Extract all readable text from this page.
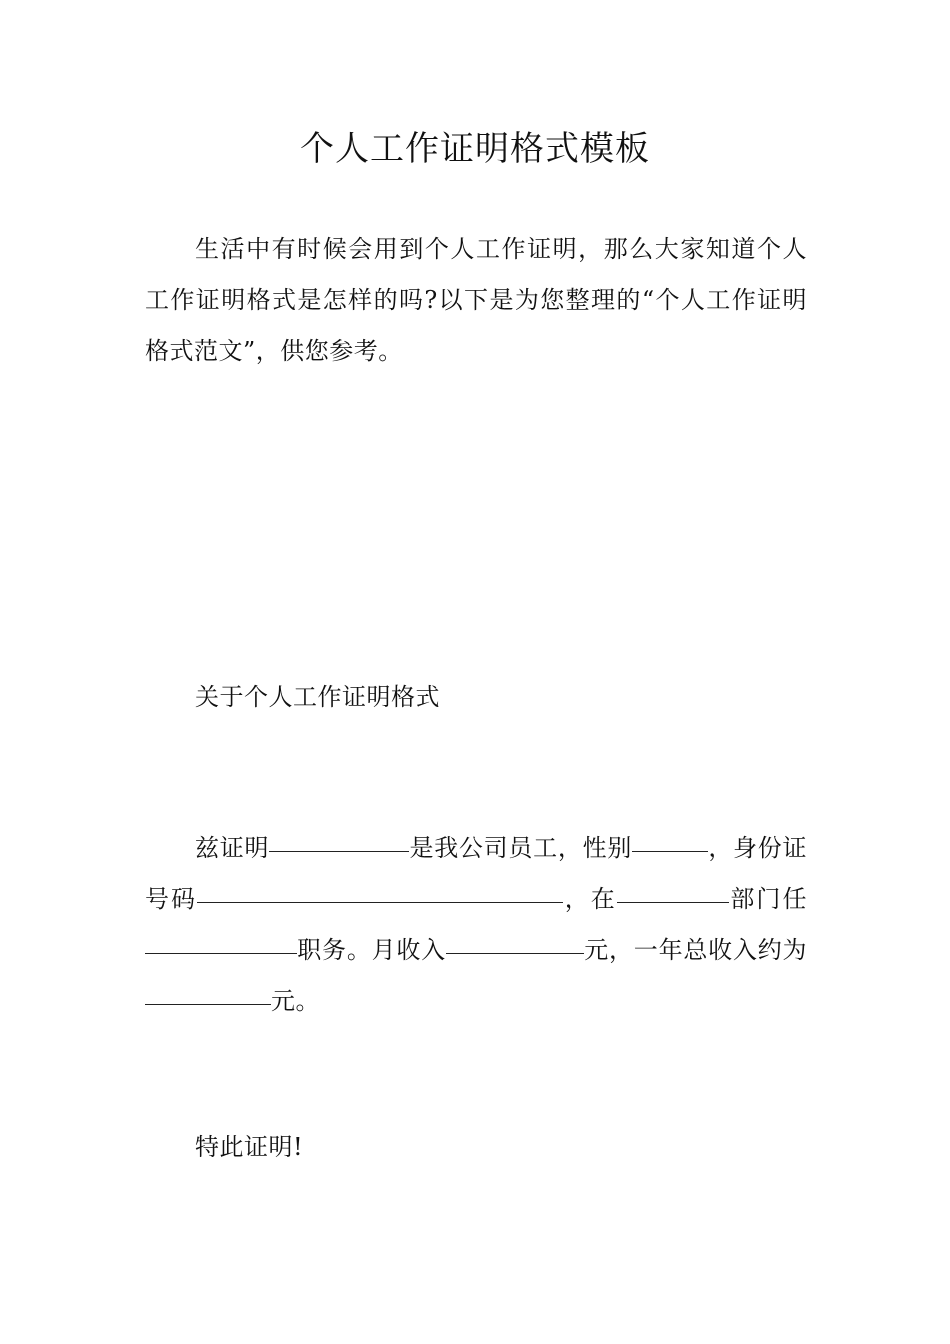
个人工作证明格式模板

生活中有时候会用到个人工作证明，那么大家知道个人工作证明格式是怎样的吗?以下是为您整理的“个人工作证明格式范文”，供您参考。

关于个人工作证明格式

兹证明	是我公司员工，性别	，身份证号码	，在	部门任职务。月收入	元，一年总收入约为元。

特此证明!
